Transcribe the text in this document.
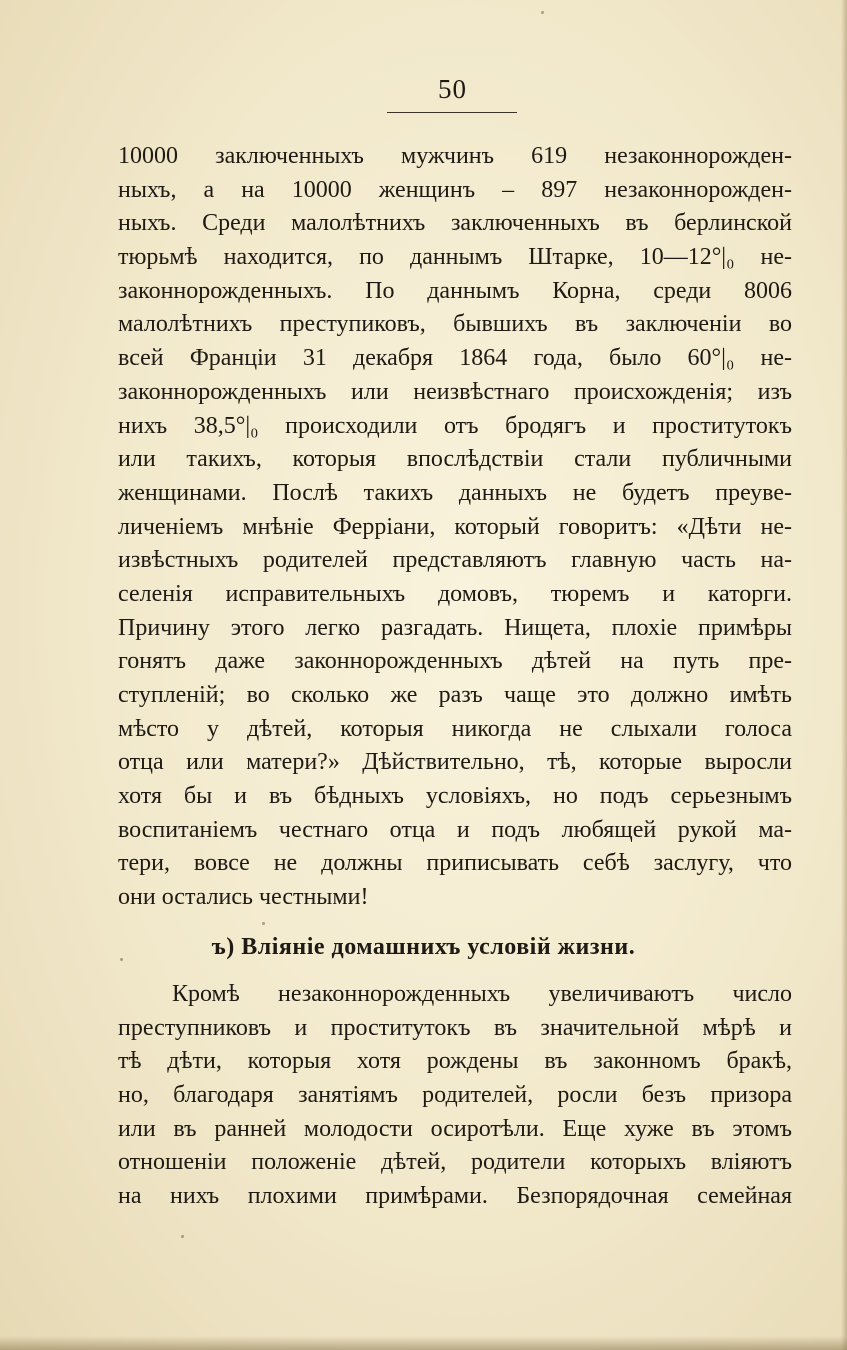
50
10000 заключенныхъ мужчинъ 619 незаконнорожден-
ныхъ, а на 10000 женщинъ – 897 незаконнорожден-
ныхъ. Среди малолѣтнихъ заключенныхъ въ берлинской
тюрьмѣ находится, по даннымъ Штарке, 10—12°|₀ не-
законнорожденныхъ. По даннымъ Корна, среди 8006
малолѣтнихъ преступиковъ, бывшихъ въ заключенiи во
всей Францiи 31 декабря 1864 года, было 60°|₀ не-
законнорожденныхъ или неизвѣстнаго происхожденiя; изъ
нихъ 38,5°|₀ происходили отъ бродягъ и проститутокъ
или такихъ, которыя впослѣдствiи стали публичными
женщинами. Послѣ такихъ данныхъ не будетъ преуве-
личенiемъ мнѣнiе Ферріани, который говоритъ: «Дѣти не-
извѣстныхъ родителей представляютъ главную часть на-
селенiя исправительныхъ домовъ, тюремъ и каторги.
Причину этого легко разгадать. Нищета, плохiе примѣры
гонятъ даже законнорожденныхъ дѣтей на путь пре-
ступленiй; во сколько же разъ чаще это должно имѣть
мѣсто у дѣтей, которыя никогда не слыхали голоса
отца или матери?» Дѣйствительно, тѣ, которые выросли
хотя бы и въ бѣдныхъ условiяхъ, но подъ серьезнымъ
воспитанiемъ честнаго отца и подъ любящей рукой ма-
тери, вовсе не должны приписывать себѣ заслугу, что
они остались честными!
ъ) Влiянiе домашнихъ условiй жизни.
Кромѣ незаконнорожденныхъ увеличиваютъ число
преступниковъ и проститутокъ въ значительной мѣрѣ и
тѣ дѣти, которыя хотя рождены въ законномъ бракѣ,
но, благодаря занятiямъ родителей, росли безъ призора
или въ ранней молодости осиротѣли. Еще хуже въ этомъ
отношенiи положенiе дѣтей, родители которыхъ влiяютъ
на нихъ плохими примѣрами. Безпорядочная семейная
